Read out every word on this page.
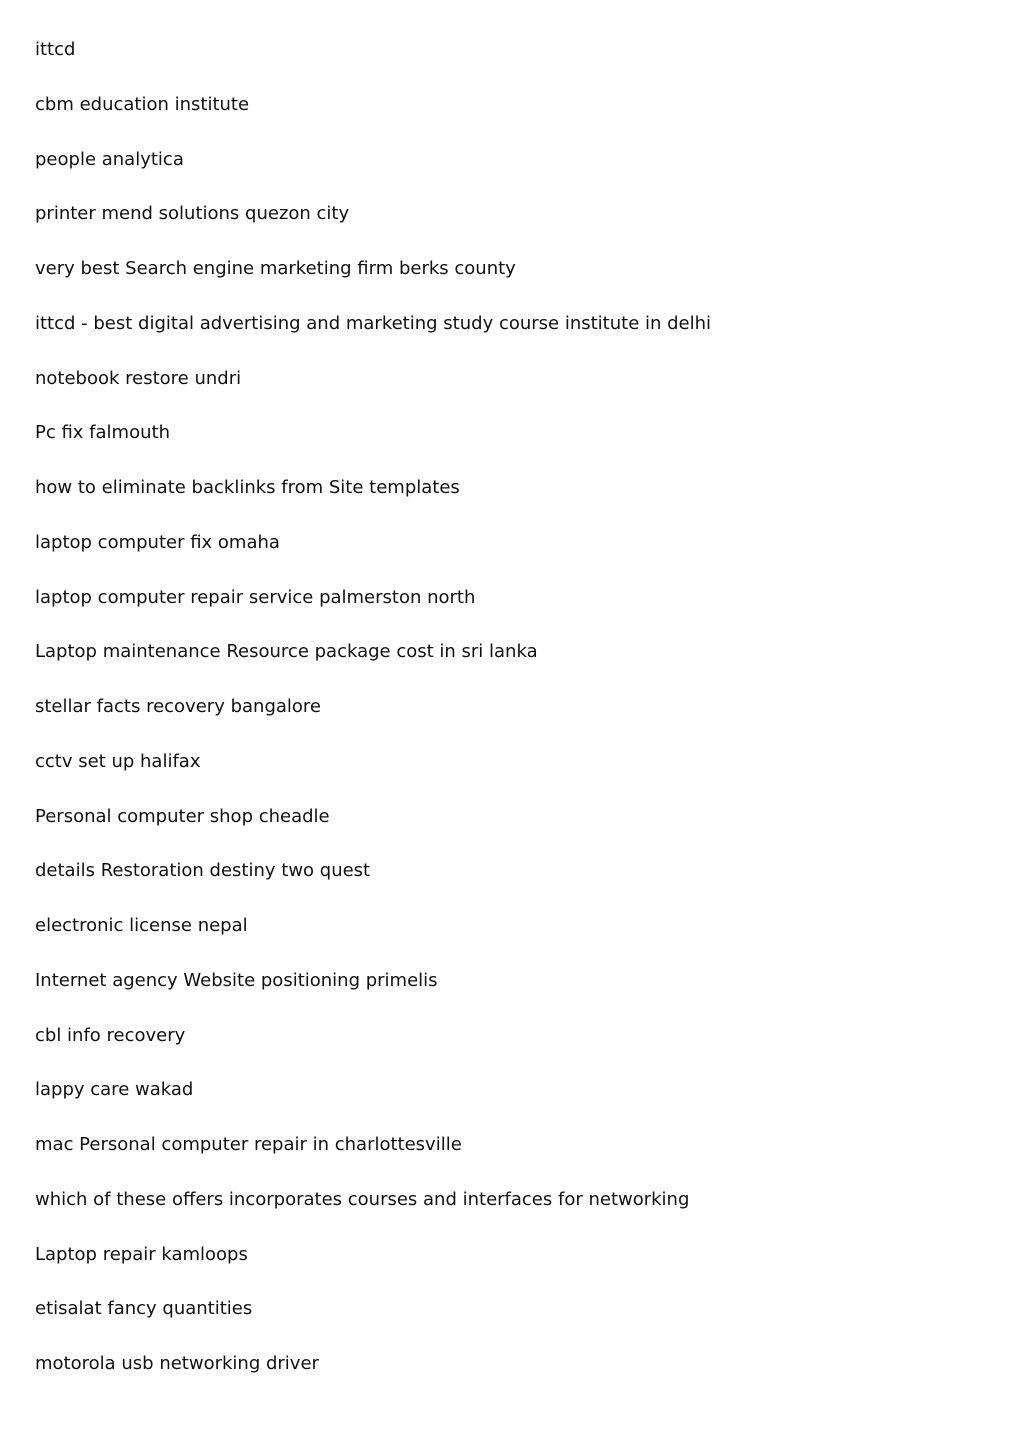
ittcd
cbm education institute
people analytica
printer mend solutions quezon city
very best Search engine marketing firm berks county
ittcd - best digital advertising and marketing study course institute in delhi
notebook restore undri
Pc fix falmouth
how to eliminate backlinks from Site templates
laptop computer fix omaha
laptop computer repair service palmerston north
Laptop maintenance Resource package cost in sri lanka
stellar facts recovery bangalore
cctv set up halifax
Personal computer shop cheadle
details Restoration destiny two quest
electronic license nepal
Internet agency Website positioning primelis
cbl info recovery
lappy care wakad
mac Personal computer repair in charlottesville
which of these offers incorporates courses and interfaces for networking
Laptop repair kamloops
etisalat fancy quantities
motorola usb networking driver
